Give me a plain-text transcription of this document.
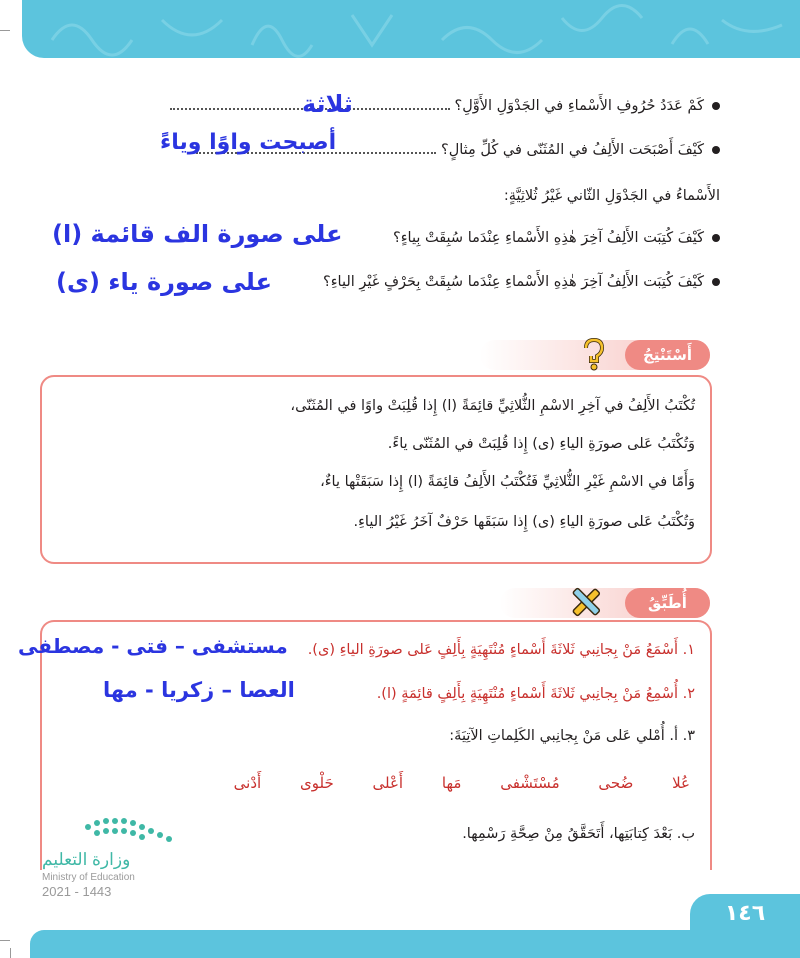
كَمْ عَدَدُ حُرُوفِ الأَسْماءِ في الجَدْوَلِ الأَوَّلِ؟
ثلاثة
كَيْفَ أَصْبَحَت الأَلِفُ في المُثَنّى في كُلِّ مِثالٍ؟
أصبحت واوًا وياءً
الأَسْماءُ في الجَدْوَلِ الثّاني غَيْرُ ثُلاثِيَّةٍ:
كَيْفَ كُتِبَت الأَلِفُ آخِرَ هٰذِهِ الأَسْماءِ عِنْدَما سُبِقَتْ بِياءٍ؟
على صورة الف قائمة (ا)
كَيْفَ كُتِبَت الأَلِفُ آخِرَ هٰذِهِ الأَسْماءِ عِنْدَما سُبِقَتْ بِحَرْفٍ غَيْرِ الياءِ؟
على صورة ياء (ى)
أَسْتَنْتِجُ
تُكْتَبُ الأَلِفُ في آخِرِ الاسْمِ الثُّلاثِيِّ قائِمَةً (ا) إِذا قُلِبَتْ واوًا في المُثَنّى،
وَتُكْتَبُ عَلى صورَةِ الياءِ (ى) إِذا قُلِبَتْ في المُثَنّى ياءً.
وَأَمّا في الاسْمِ غَيْرِ الثُّلاثِيِّ فَتُكْتَبُ الأَلِفُ قائِمَةً (ا) إِذا سَبَقَتْها ياءٌ،
وَتُكْتَبُ عَلى صورَةِ الياءِ (ى) إِذا سَبَقَها حَرْفٌ آخَرُ غَيْرُ الياءِ.
أُطَبِّقُ
١. أَسْمَعُ مَنْ بِجانِبي ثَلاثَةَ أَسْماءٍ مُنْتَهِيَةٍ بِأَلِفٍ عَلى صورَةِ الياءِ (ى).
مستشفى – فتى - مصطفى
٢. أُسْمِعُ مَنْ بِجانِبي ثَلاثَةَ أَسْماءٍ مُنْتَهِيَةٍ بِأَلِفٍ قائِمَةٍ (ا).
العصا – زكريا - مها
٣. أ. أُمْلي عَلى مَنْ بِجانِبي الكَلِماتِ الآتِيَةَ:
عُلا ضُحى مُسْتَشْفى مَها أَعْلى حَلْوى أَدْنى
ب. بَعْدَ كِتابَتِها، أَتَحَقَّقُ مِنْ صِحَّةِ رَسْمِها.
وزارة التعليم
Ministry of Education
2021 - 1443
١٤٦
